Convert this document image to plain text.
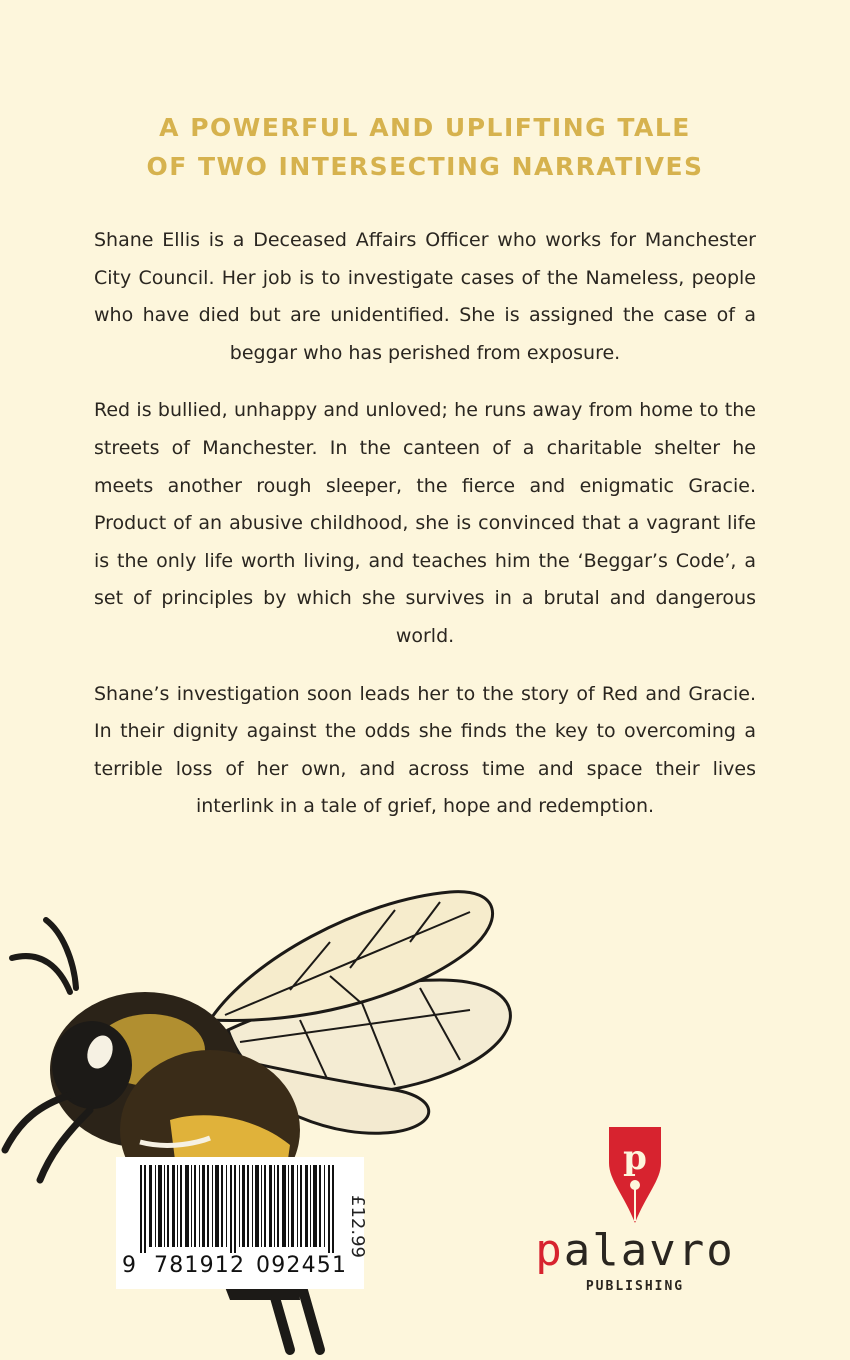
A POWERFUL AND UPLIFTING TALE
OF TWO INTERSECTING NARRATIVES

Shane Ellis is a Deceased Affairs Officer who works for Manchester City Council. Her job is to investigate cases of the Nameless, people who have died but are unidentified. She is assigned the case of a beggar who has perished from exposure.

Red is bullied, unhappy and unloved; he runs away from home to the streets of Manchester. In the canteen of a charitable shelter he meets another rough sleeper, the fierce and enigmatic Gracie. Product of an abusive childhood, she is convinced that a vagrant life is the only life worth living, and teaches him the ‘Beggar’s Code’, a set of principles by which she survives in a brutal and dangerous world.

Shane’s investigation soon leads her to the story of Red and Gracie. In their dignity against the odds she finds the key to overcoming a terrible loss of her own, and across time and space their lives interlink in a tale of grief, hope and redemption.

9 781912 092451
£12.99
p
palavro
PUBLISHING
